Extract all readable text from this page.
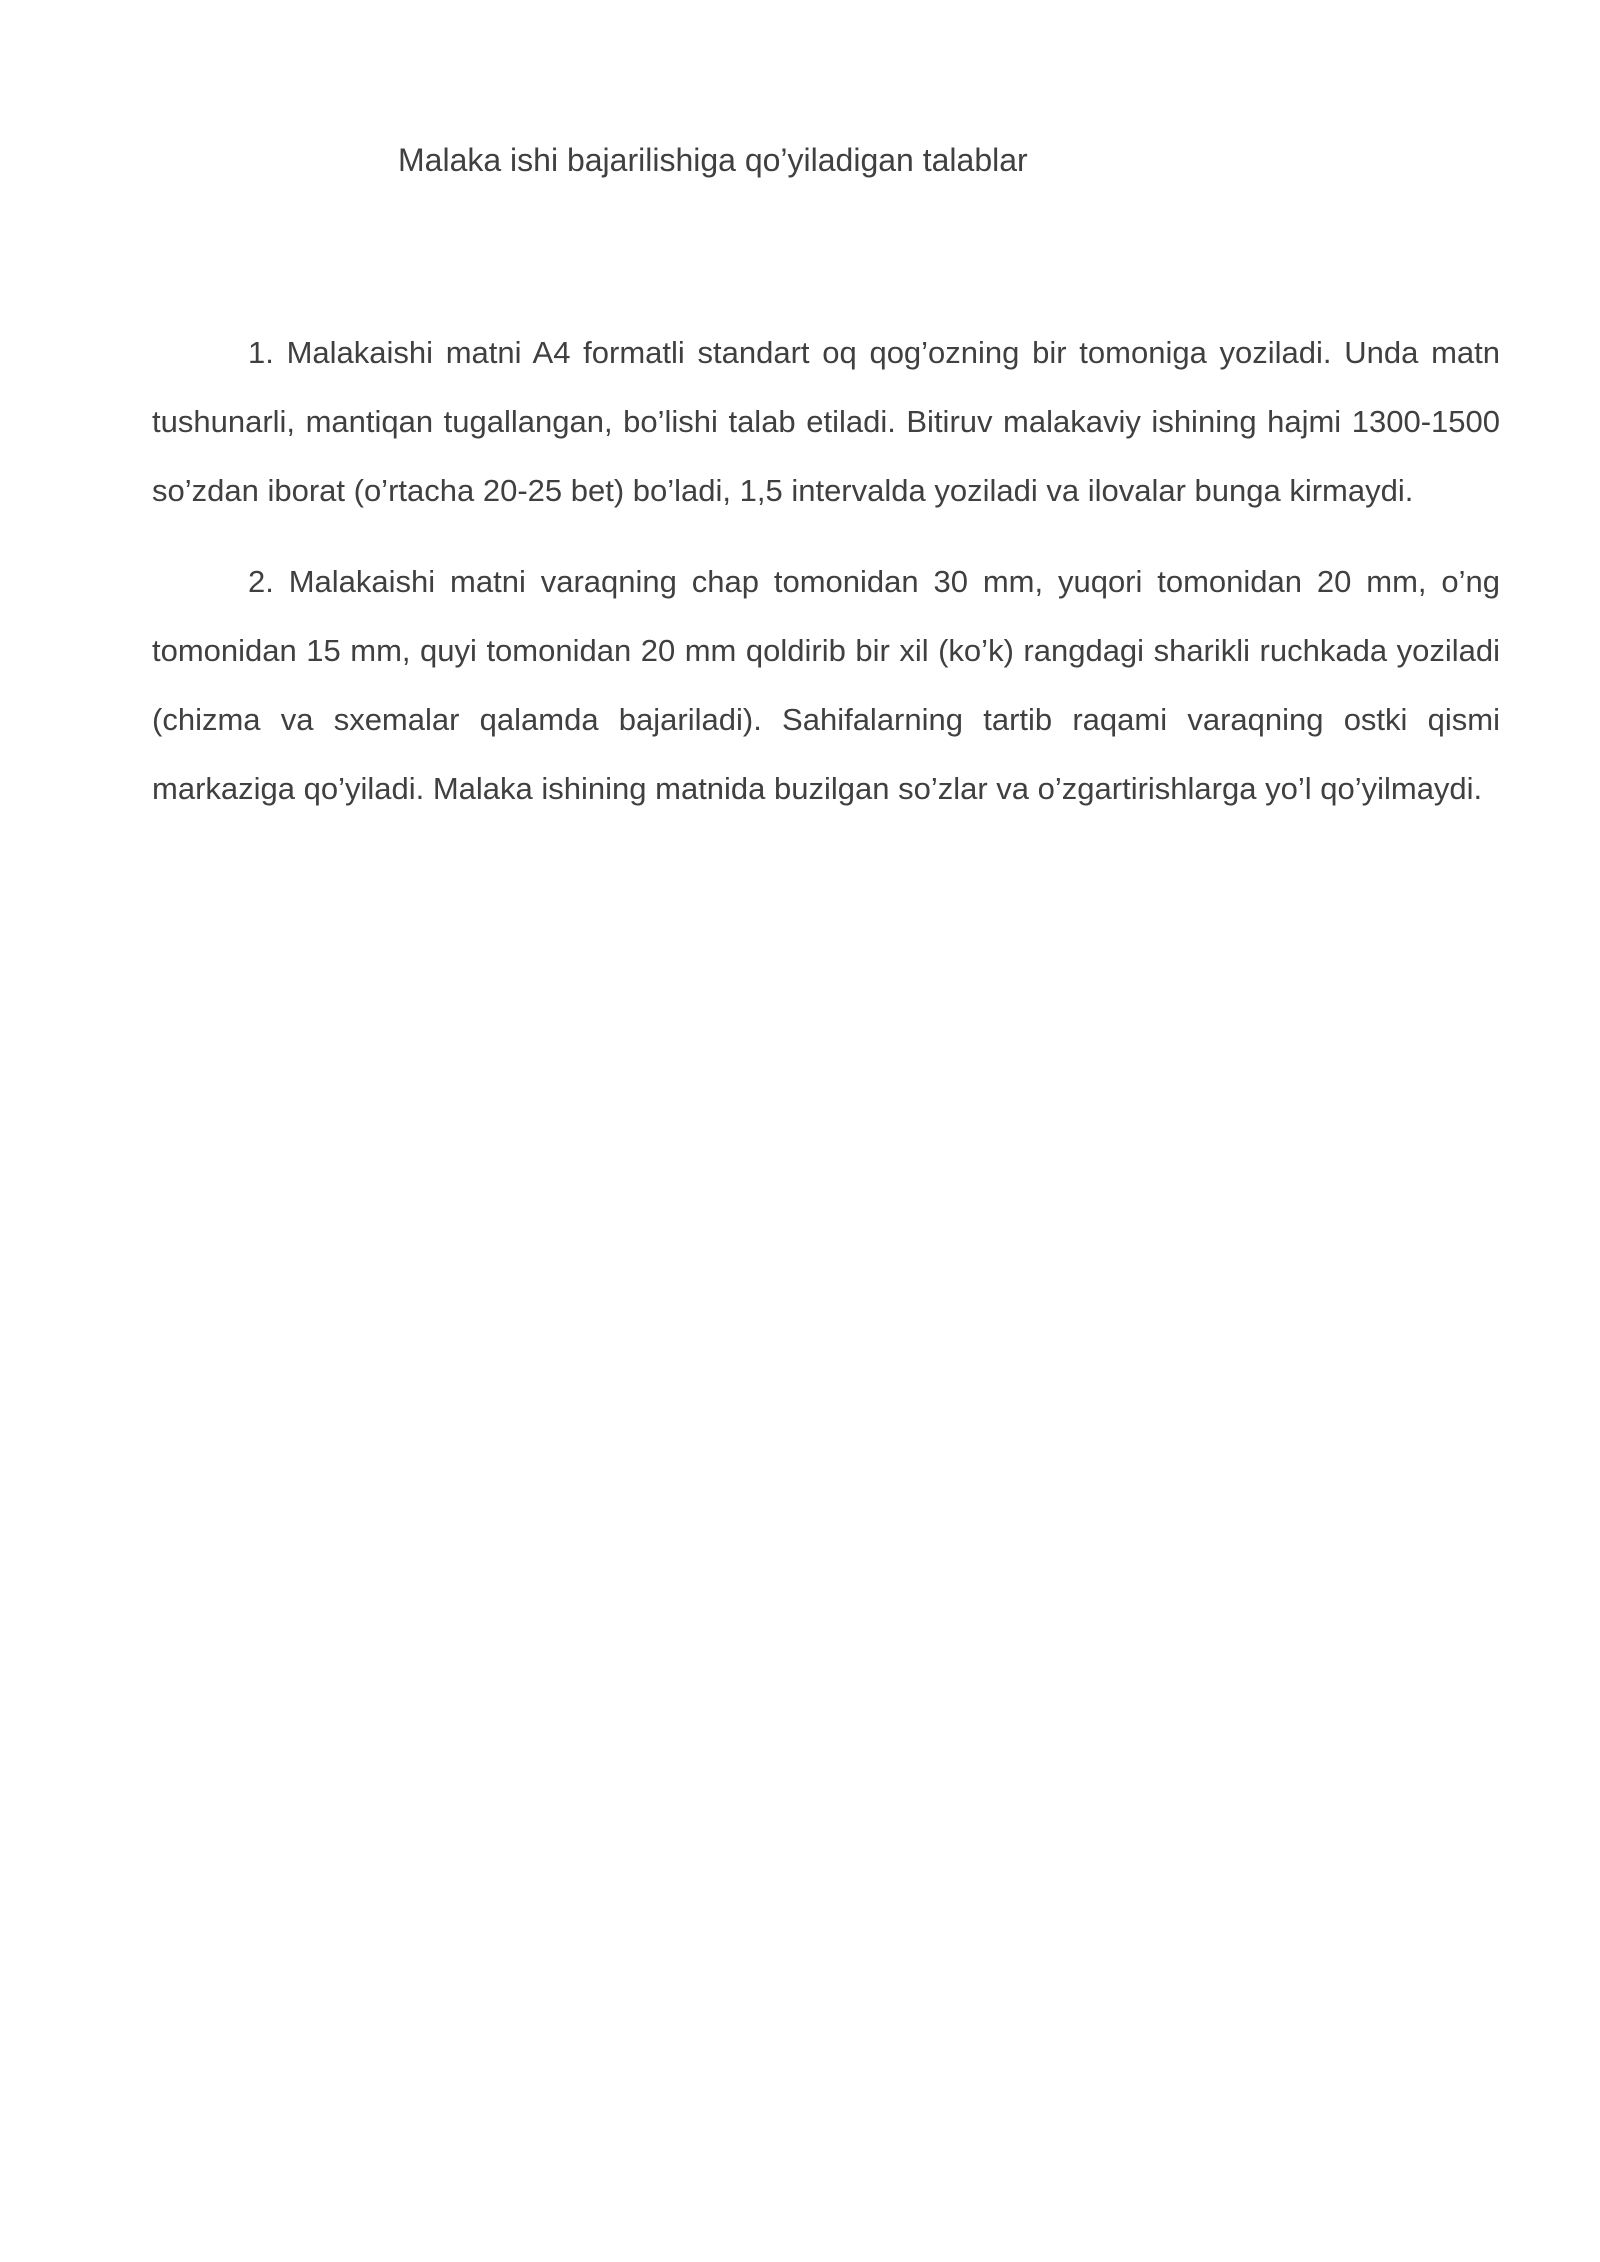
Malaka ishi bajarilishiga qo’yiladigan talablar

1. Malakaishi matni A4 formatli standart oq qog’ozning bir tomoniga yoziladi. Unda matn tushunarli, mantiqan tugallangan, bo’lishi talab etiladi. Bitiruv malakaviy ishining hajmi 1300-1500 so’zdan iborat (o’rtacha 20-25 bet) bo’ladi, 1,5 intervalda yoziladi va ilovalar bunga kirmaydi.

2. Malakaishi matni varaqning chap tomonidan 30 mm, yuqori tomonidan 20 mm, o’ng tomonidan 15 mm, quyi tomonidan 20 mm qoldirib bir xil (ko’k) rangdagi sharikli ruchkada yoziladi (chizma va sxemalar qalamda bajariladi). Sahifalarning tartib raqami varaqning ostki qismi markaziga qo’yiladi. Malaka ishining matnida buzilgan so’zlar va o’zgartirishlarga yo’l qo’yilmaydi.
